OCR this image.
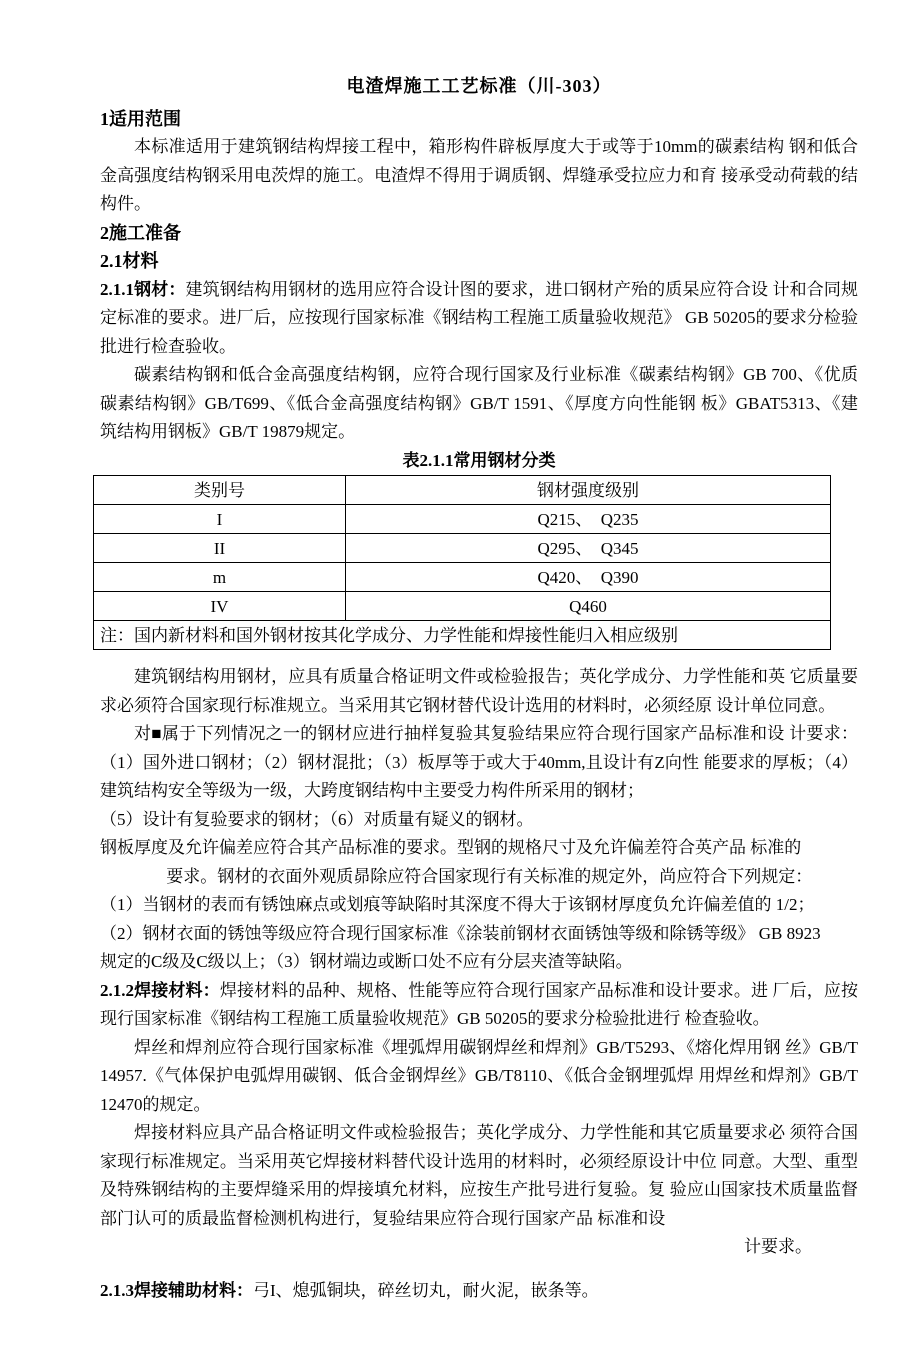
电渣焊施工工艺标准（川-303）
1适用范围

本标准适用于建筑钢结构焊接工程中，箱形构件辟板厚度大于或等于10mm的碳素结构 钢和低合金高强度结构钢采用电茨焊的施工。电渣焊不得用于调质钢、焊缝承受拉应力和育 接承受动荷载的结构件。

2施工准备
2.1材料

2.1.1钢材：建筑钢结构用钢材的选用应符合设计图的要求，进口钢材产殆的质杲应符合设 计和合同规定标准的要求。进厂后，应按现行国家标准《钢结构工程施工质量验收规范》 GB 50205的要求分检验批进行检查验收。

碳素结构钢和低合金高强度结构钢，应符合现行国家及行业标准《碳素结构钢》GB 700、《优质碳素结构钢》GB/T699、《低合金高强度结构钢》GB/T 1591、《厚度方向性能钢 板》GBAT5313、《建筑结构用钢板》GB/T 19879规定。

表2.1.1常用钢材分类
类别号	钢材强度级别
I	Q215、　Q235
II	Q295、　Q345
m	Q420、　Q390
IV	Q460
注：国内新材料和国外钢材按其化学成分、力学性能和焊接性能归入相应级别	

建筑钢结构用钢材，应具有质量合格证明文件或检验报告；英化学成分、力学性能和英 它质量要求必须符合国家现行标准规立。当采用其它钢材替代设计选用的材料时，必须经原 设计单位同意。

对■属于下列情况之一的钢材应进行抽样复验其复验结果应符合现行国家产品标准和设 计要求：（1）国外进口钢材；（2）钢材混批；（3）板厚等于或大于40mm,且设计有Z向性 能要求的厚板；（4）建筑结构安全等级为一级，大跨度钢结构中主要受力构件所采用的钢材；

（5）设计有复验要求的钢材；（6）对质量有疑义的钢材。

钢板厚度及允许偏差应符合其产品标准的要求。型钢的规格尺寸及允许偏差符合英产品 标准的
要求。钢材的衣面外观质昴除应符合国家现行有关标准的规定外，尚应符合下列规定：
（1）当钢材的表而有锈蚀麻点或划痕等缺陷时其深度不得大于该钢材厚度负允许偏差值的 1/2；
（2）钢材衣面的锈蚀等级应符合现行国家标准《涂装前钢材衣面锈蚀等级和除锈等级》 GB 8923
规定的C级及C级以上；（3）钢材端边或断口处不应有分层夹渣等缺陷。

2.1.2焊接材料：焊接材料的品种、规格、性能等应符合现行国家产品标准和设计要求。进 厂后，应按现行国家标准《钢结构工程施工质量验收规范》GB 50205的要求分检验批进行 检查验收。

焊丝和焊剂应符合现行国家标准《埋弧焊用碳钢焊丝和焊剂》GB/T5293、《熔化焊用钢 丝》GB/T 14957.《气体保护电弧焊用碳钢、低合金钢焊丝》GB/T8110、《低合金钢埋弧焊 用焊丝和焊剂》GB/T 12470的规定。

焊接材料应具产品合格证明文件或检验报告；英化学成分、力学性能和其它质量要求必 须符合国家现行标准规定。当采用英它焊接材料替代设计选用的材料时，必须经原设计中位 同意。大型、重型及特殊钢结构的主要焊缝采用的焊接填允材料，应按生产批号进行复验。复 验应山国家技术质量监督部门认可的质最监督检测机构进行，复验结果应符合现行国家产品 标准和设

计要求。

2.1.3焊接辅助材料：弓I、熄弧铜块，碎丝切丸，耐火泥，嵌条等。
